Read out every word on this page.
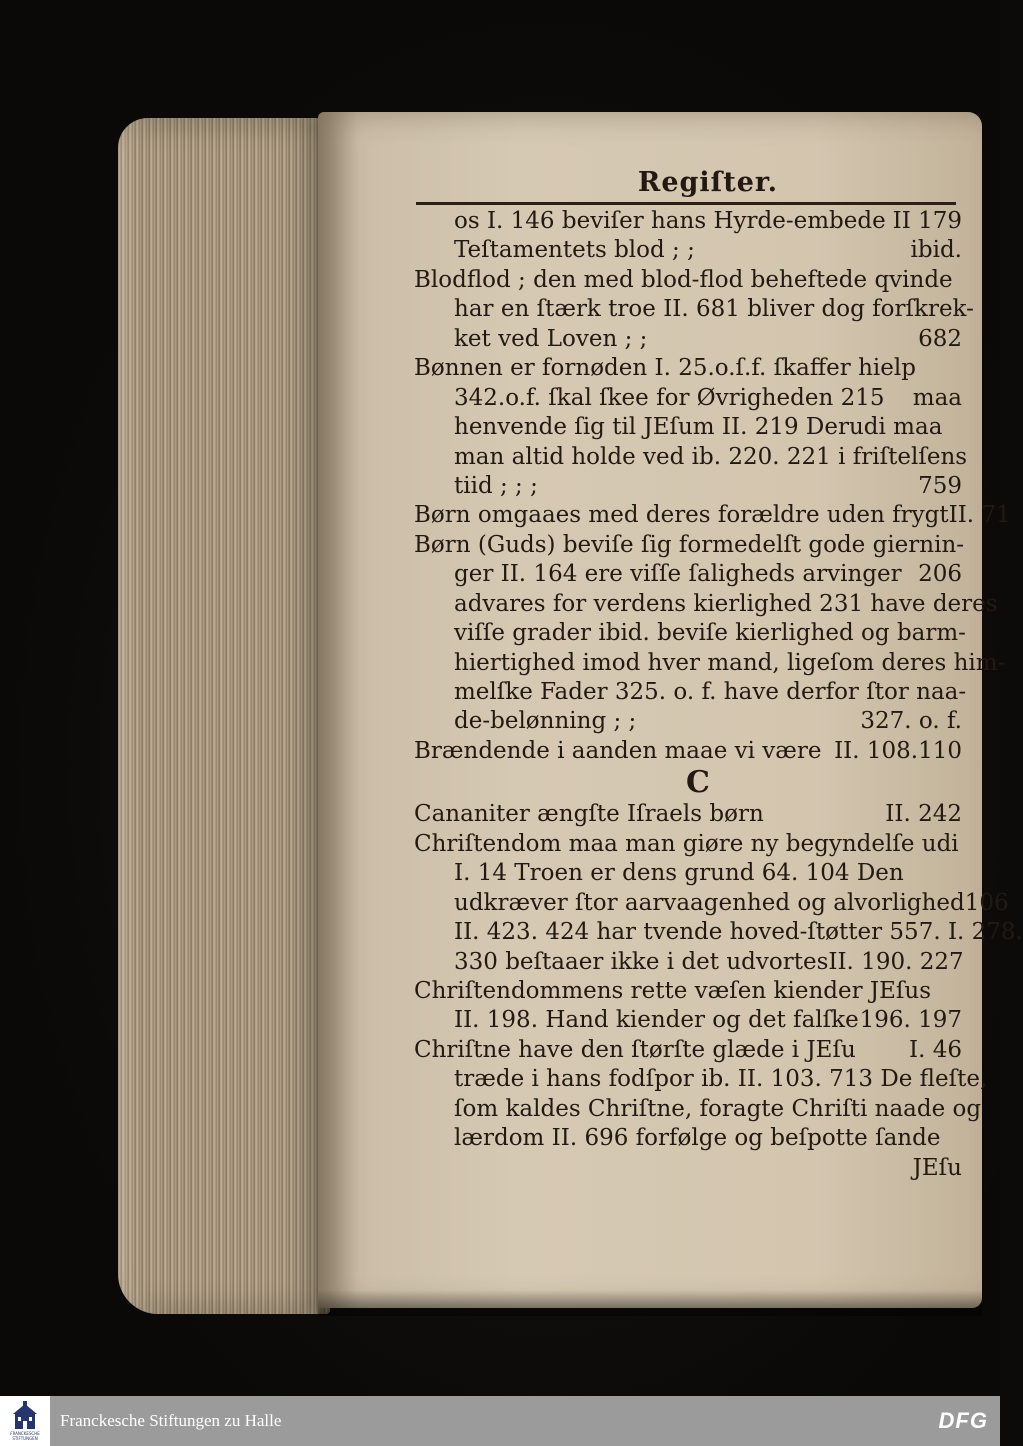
Regiſter.
os I. 146 beviſer hans Hyrde-embede II 179
Teſtamentets blod ; ;	ibid.
Blodflod ; den med blod-flod beheftede qvinde
har en ſtærk troe II. 681 bliver dog forſkrek-
ket ved Loven ; ;	682
Bønnen er fornøden I. 25.o.ſ.f. ſkaffer hielp
342.o.f. ſkal ſkee for Øvrigheden 215 maa
henvende ſig til JEſum II. 219 Derudi maa
man altid holde ved ib. 220. 221 i friſtelſens
tiid ; ; ;	759
Børn omgaaes med deres forældre uden frygt II. 71
Børn (Guds) beviſe ſig formedelſt gode giernin-
ger II. 164 ere viſſe ſaligheds arvinger 206
advares for verdens kierlighed 231 have deres
viſſe grader ibid. beviſe kierlighed og barm-
hiertighed imod hver mand, ligeſom deres him-
melſke Fader 325. o. f. have derfor ſtor naa-
de-belønning ; ;	327. o. f.
Brændende i aanden maae vi være II. 108.110
C
Cananiter ængſte Iſraels børn	II. 242
Chriſtendom maa man giøre ny begyndelſe udi
I. 14 Troen er dens grund 64. 104 Den
udkræver ſtor aarvaagenhed og alvorlighed 106
II. 423. 424 har tvende hoved-ſtøtter 557. I. 278.
330 beſtaaer ikke i det udvortes II. 190. 227
Chriſtendommens rette væſen kiender JEſus
II. 198. Hand kiender og det falſke 196. 197
Chriſtne have den ſtørſte glæde i JEſu I. 46
træde i hans fodſpor ib. II. 103. 713 De fleſte,
ſom kaldes Chriſtne, foragte Chriſti naade og
lærdom II. 696 forfølge og beſpotte ſande
JEſu
FRANCKESCHE
STIFTUNGEN
Franckesche Stiftungen zu Halle	DFG
